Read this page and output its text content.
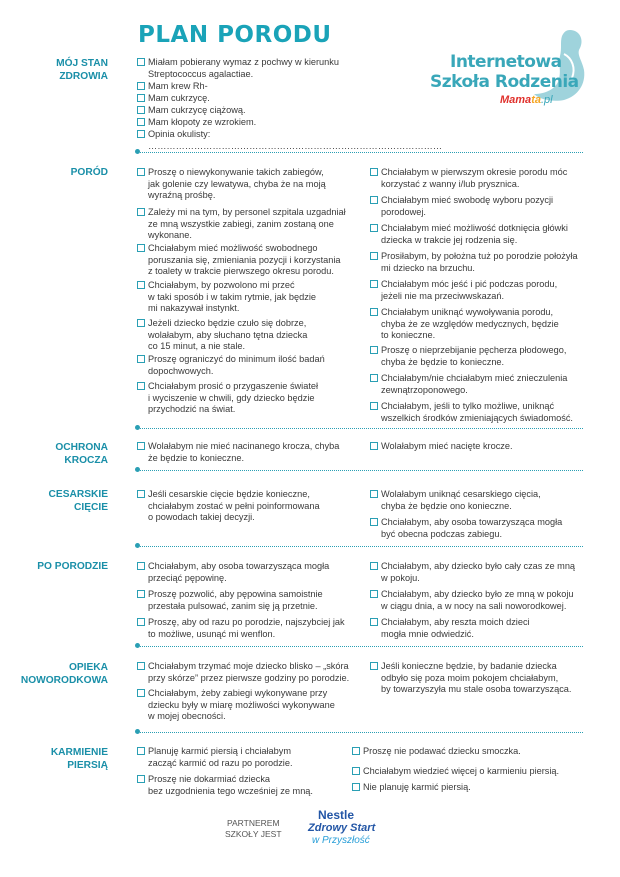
PLAN PORODU
Internetowa
Szkoła Rodzenia
Mamata.pl
MÓJ STAN
ZDROWIA
Miałam pobierany wymaz z pochwy w kierunku
Streptococcus agalactiae.
Mam krew Rh-
Mam cukrzycę.
Mam cukrzycę ciążową.
Mam kłopoty ze wzrokiem.
Opinia okulisty: ……………………………………………………………………………………
PORÓD	Proszę o niewykonywanie takich zabiegów,
jak golenie czy lewatywa, chyba że na moją
wyraźną prośbę.
Zależy mi na tym, by personel szpitala uzgadniał
ze mną wszystkie zabiegi, zanim zostaną one
wykonane.
Chciałabym mieć możliwość swobodnego
poruszania się, zmieniania pozycji i korzystania
z toalety w trakcie pierwszego okresu porodu.
Chciałabym, by pozwolono mi przeć
w taki sposób i w takim rytmie, jak będzie
mi nakazywał instynkt.
Jeżeli dziecko będzie czuło się dobrze,
wolałabym, aby słuchano tętna dziecka
co 15 minut, a nie stale.
Proszę ograniczyć do minimum ilość badań
dopochwowych.
Chciałabym prosić o przygaszenie świateł
i wyciszenie w chwili, gdy dziecko będzie
przychodzić na świat.
Chciałabym w pierwszym okresie porodu móc
korzystać z wanny i/lub prysznica.
Chciałabym mieć swobodę wyboru pozycji
porodowej.
Chciałabym mieć możliwość dotknięcia główki
dziecka w trakcie jej rodzenia się.
Prosiłabym, by położna tuż po porodzie położyła
mi dziecko na brzuchu.
Chciałabym móc jeść i pić podczas porodu,
jeżeli nie ma przeciwwskazań.
Chciałabym uniknąć wywoływania porodu,
chyba że ze względów medycznych, będzie
to konieczne.
Proszę o nieprzebijanie pęcherza płodowego,
chyba że będzie to konieczne.
Chciałabym/nie chciałabym mieć znieczulenia
zewnątrzoponowego.
Chciałabym, jeśli to tylko możliwe, uniknąć
wszelkich środków zmieniających świadomość.
OCHRONA
KROCZA
Wolałabym nie mieć nacinanego krocza, chyba
że będzie to konieczne.
Wolałabym mieć nacięte krocze.
CESARSKIE
CIĘCIE
Jeśli cesarskie cięcie będzie konieczne,
chciałabym zostać w pełni poinformowana
o powodach takiej decyzji.
Wolałabym uniknąć cesarskiego cięcia,
chyba że będzie ono konieczne.
Chciałabym, aby osoba towarzysząca mogła
być obecna podczas zabiegu.
PO PORODZIE	Chciałabym, aby osoba towarzysząca mogła
przeciąć pępowinę.
Proszę pozwolić, aby pępowina samoistnie
przestała pulsować, zanim się ją przetnie.
Proszę, aby od razu po porodzie, najszybciej jak
to możliwe, usunąć mi wenflon.
Chciałabym, aby dziecko było cały czas ze mną
w pokoju.
Chciałabym, aby dziecko było ze mną w pokoju
w ciągu dnia, a w nocy na sali noworodkowej.
Chciałabym, aby reszta moich dzieci
mogła mnie odwiedzić.
OPIEKA
NOWORODKOWA
Chciałabym trzymać moje dziecko blisko – „skóra
przy skórze” przez pierwsze godziny po porodzie.
Chciałabym, żeby zabiegi wykonywane przy
dziecku były w miarę możliwości wykonywane
w mojej obecności.
Jeśli konieczne będzie, by badanie dziecka
odbyło się poza moim pokojem chciałabym,
by towarzyszyła mu stale osoba towarzysząca.
KARMIENIE
PIERSIĄ
Planuję karmić piersią i chciałabym
zacząć karmić od razu po porodzie.
Proszę nie dokarmiać dziecka
bez uzgodnienia tego wcześniej ze mną.
Proszę nie podawać dziecku smoczka.
Chciałabym wiedzieć więcej o karmieniu piersią.
Nie planuję karmić piersią.
PARTNEREM
SZKOŁY JEST
Nestle
Zdrowy Start
w Przyszłość
